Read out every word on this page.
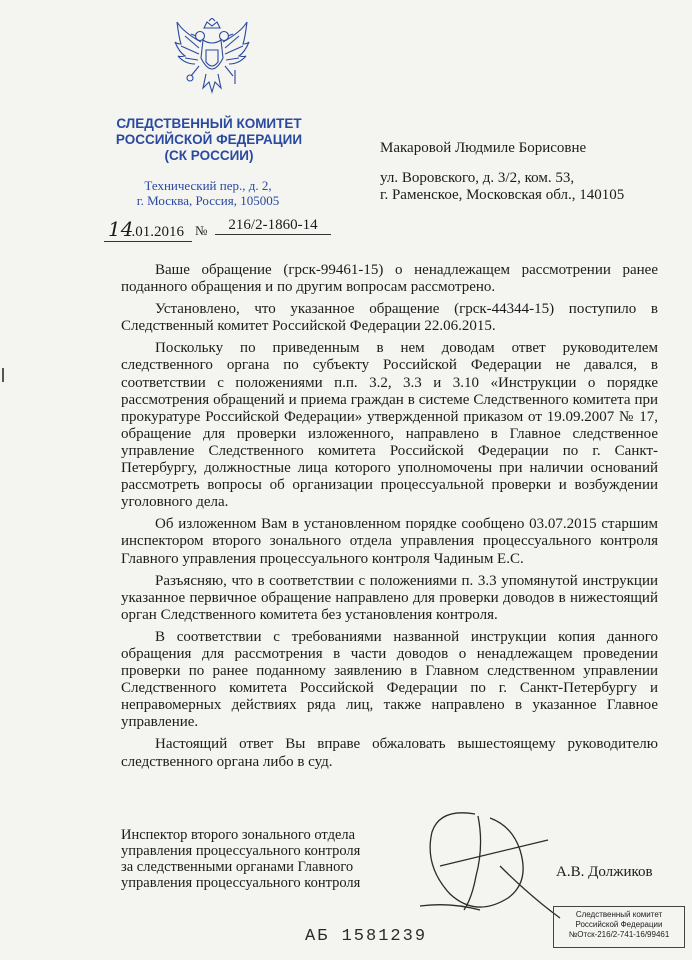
СЛЕДСТВЕННЫЙ КОМИТЕТ
РОССИЙСКОЙ ФЕДЕРАЦИИ
(СК РОССИИ)
Технический пер., д. 2,
г. Москва, Россия, 105005
14.01.2016 №	216/2-1860-14
Макаровой Людмиле Борисовне
ул. Воровского, д. 3/2, ком. 53,
г. Раменское, Московская обл., 140105

Ваше обращение (грск-99461-15) о ненадлежащем рассмотрении ранее поданного обращения и по другим вопросам рассмотрено.

Установлено, что указанное обращение (грск-44344-15) поступило в Следственный комитет Российской Федерации 22.06.2015.

Поскольку по приведенным в нем доводам ответ руководителем следственного органа по субъекту Российской Федерации не давался, в соответствии с положениями п.п. 3.2, 3.3 и 3.10 «Инструкции о порядке рассмотрения обращений и приема граждан в системе Следственного комитета при прокуратуре Российской Федерации» утвержденной приказом от 19.09.2007 № 17, обращение для проверки изложенного, направлено в Главное следственное управление Следственного комитета Российской Федерации по г. Санкт-Петербургу, должностные лица которого уполномочены при наличии оснований рассмотреть вопросы об организации процессуальной проверки и возбуждении уголовного дела.

Об изложенном Вам в установленном порядке сообщено 03.07.2015 старшим инспектором второго зонального отдела управления процессуального контроля Главного управления процессуального контроля Чадиным Е.С.

Разъясняю, что в соответствии с положениями п. 3.3 упомянутой инструкции указанное первичное обращение направлено для проверки доводов в нижестоящий орган Следственного комитета без установления контроля.

В соответствии с требованиями названной инструкции копия данного обращения для рассмотрения в части доводов о ненадлежащем проведении проверки по ранее поданному заявлению в Главном следственном управлении Следственного комитета Российской Федерации по г. Санкт-Петербургу и неправомерных действиях ряда лиц, также направлено в указанное Главное управление.

Настоящий ответ Вы вправе обжаловать вышестоящему руководителю следственного органа либо в суд.

Инспектор второго зонального отдела
управления процессуального контроля
за следственными органами Главного
управления процессуального контроля
А.В. Должиков
АБ 1581239
Следственный комитет
Российской Федерации
№Отск-216/2-741-16/99461
